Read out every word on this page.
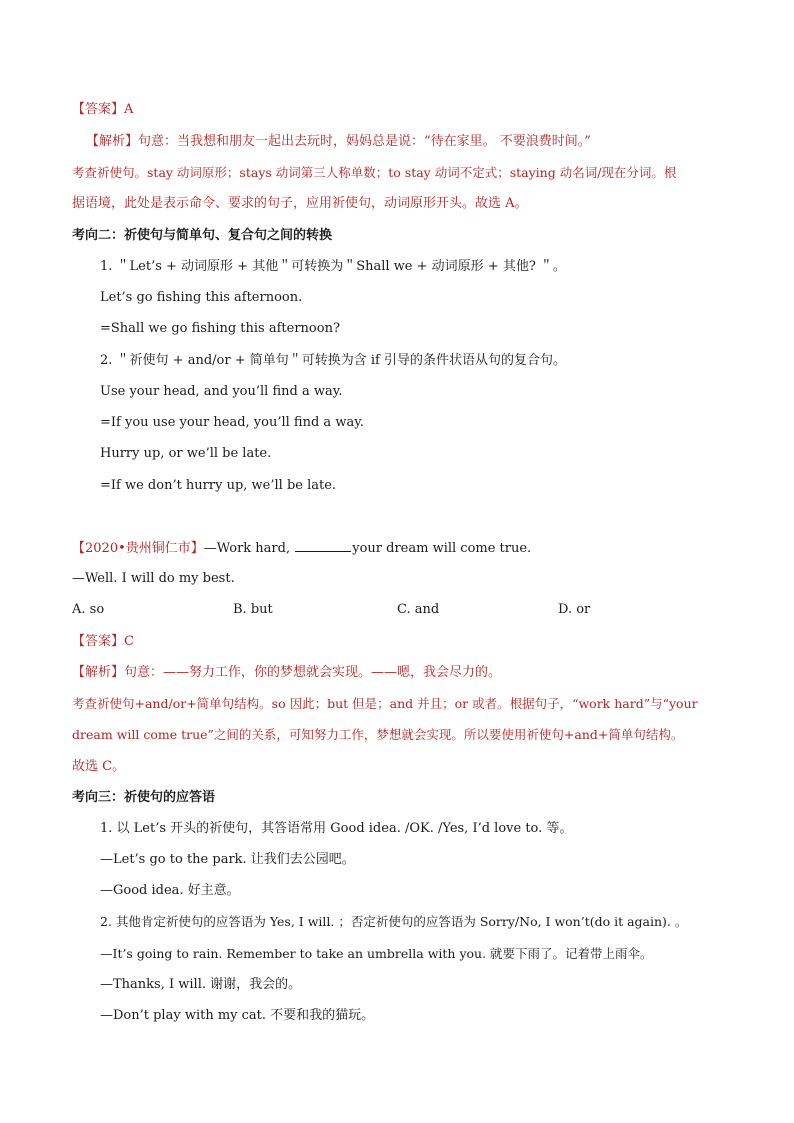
【答案】A
【解析】句意：当我想和朋友一起出去玩时，妈妈总是说：“待在家里。 不要浪费时间。”
考查祈使句。stay 动词原形；stays 动词第三人称单数；to stay 动词不定式；staying 动名词/现在分词。根
据语境，此处是表示命令、要求的句子，应用祈使句，动词原形开头。故选 A。
考向二：祈使句与简单句、复合句之间的转换
1. ＂Let’s + 动词原形 + 其他＂可转换为＂Shall we + 动词原形 + 其他? ＂。
Let’s go fishing this afternoon.
=Shall we go fishing this afternoon?
2. ＂祈使句 + and/or + 简单句＂可转换为含 if 引导的条件状语从句的复合句。
Use your head, and you’ll find a way.
=If you use your head, you’ll find a way.
Hurry up, or we’ll be late.
=If we don’t hurry up, we’ll be late.
【2020•贵州铜仁市】—Work hard,	your dream will come true.
—Well. I will do my best.
A. so	B. but	C. and	D. or
【答案】C
【解析】句意：——努力工作，你的梦想就会实现。——嗯，我会尽力的。
考查祈使句+and/or+简单句结构。so 因此；but 但是；and 并且；or 或者。根据句子，“work hard”与“your
dream will come true”之间的关系，可知努力工作，梦想就会实现。所以要使用祈使句+and+简单句结构。
故选 C。
考向三：祈使句的应答语
1. 以 Let’s 开头的祈使句，其答语常用 Good idea. /OK. /Yes, I’d love to. 等。
—Let’s go to the park. 让我们去公园吧。
—Good idea. 好主意。
2. 其他肯定祈使句的应答语为 Yes, I will. ；否定祈使句的应答语为 Sorry/No, I won’t(do it again). 。
—It’s going to rain. Remember to take an umbrella with you. 就要下雨了。记着带上雨伞。
—Thanks, I will. 谢谢，我会的。
—Don’t play with my cat. 不要和我的猫玩。
